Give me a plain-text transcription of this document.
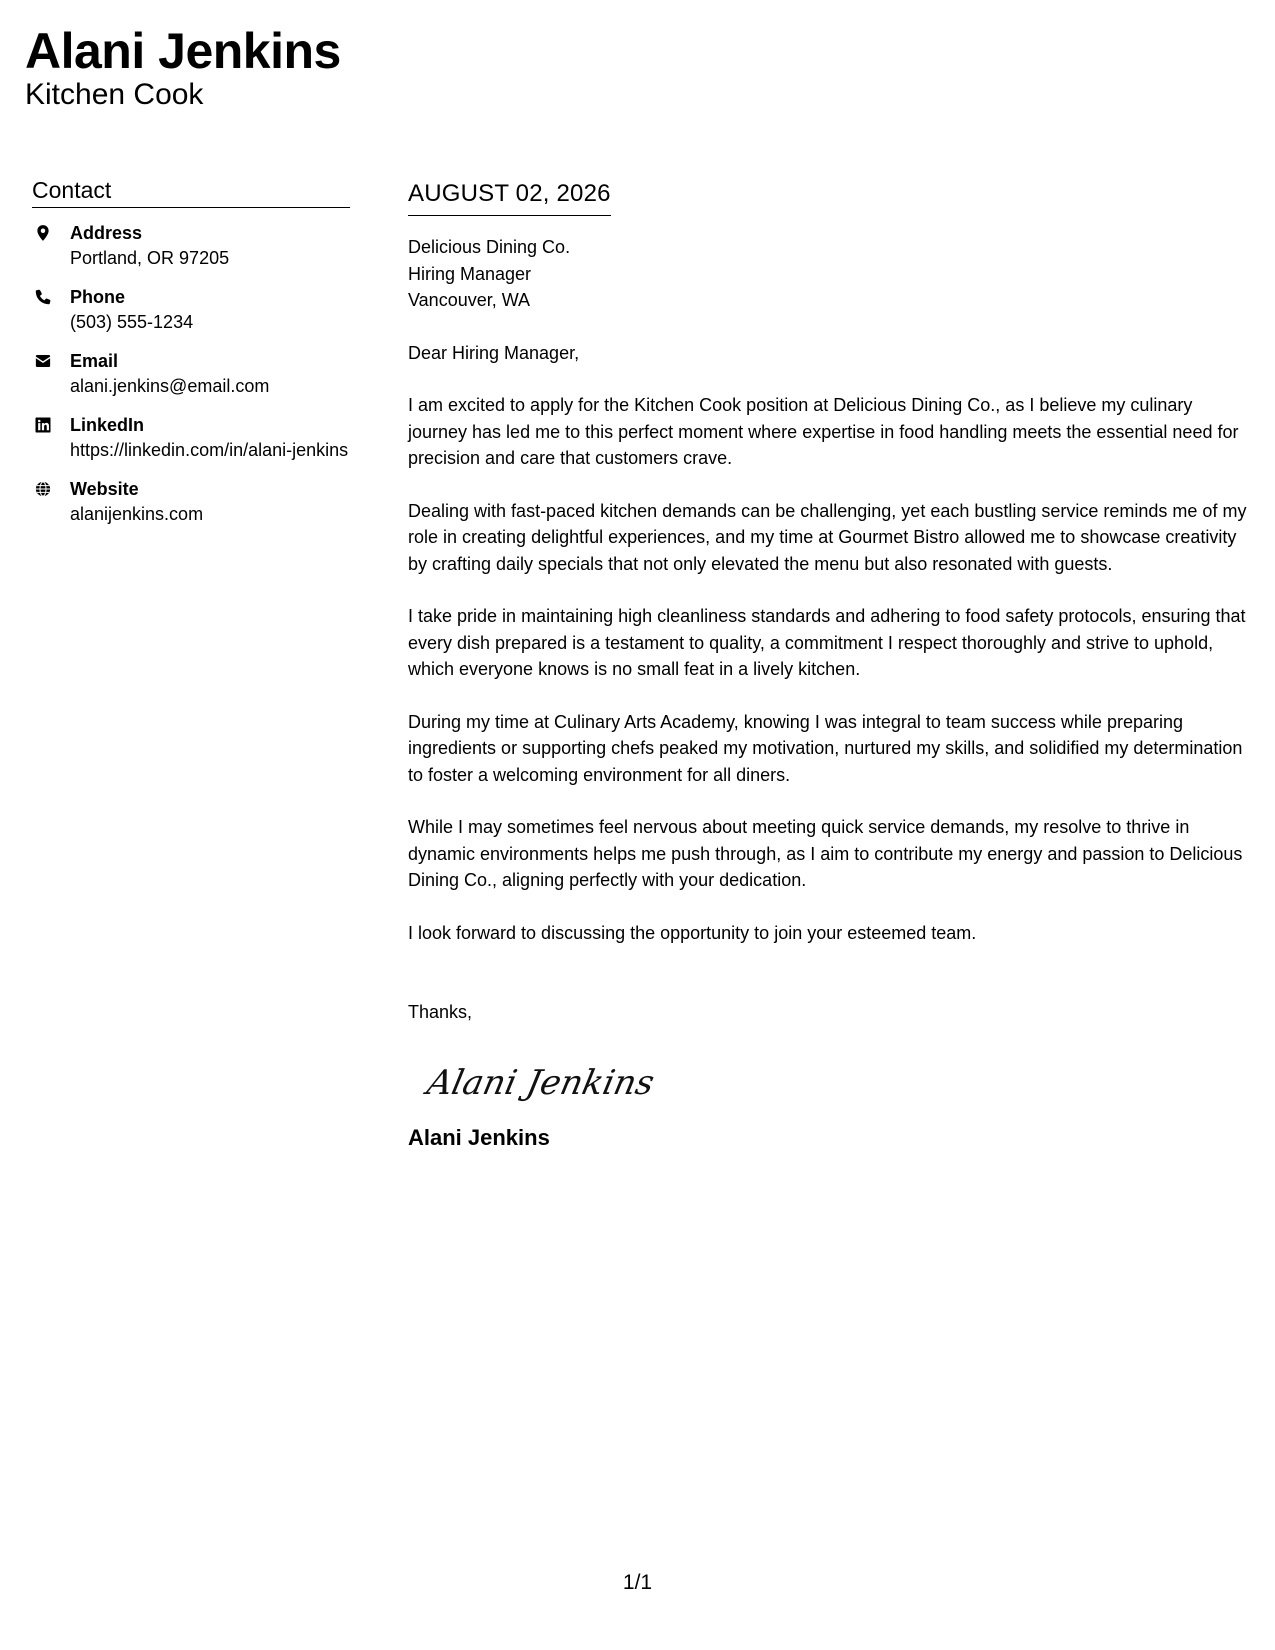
Alani Jenkins
Kitchen Cook
Contact
Address
Portland, OR 97205
Phone
(503) 555-1234
Email
alani.jenkins@email.com
LinkedIn
https://linkedin.com/in/alani-jenkins
Website
alanijenkins.com
AUGUST 02, 2026
Delicious Dining Co.
Hiring Manager
Vancouver, WA
Dear Hiring Manager,
I am excited to apply for the Kitchen Cook position at Delicious Dining Co., as I believe my culinary journey has led me to this perfect moment where expertise in food handling meets the essential need for precision and care that customers crave.
Dealing with fast-paced kitchen demands can be challenging, yet each bustling service reminds me of my role in creating delightful experiences, and my time at Gourmet Bistro allowed me to showcase creativity by crafting daily specials that not only elevated the menu but also resonated with guests.
I take pride in maintaining high cleanliness standards and adhering to food safety protocols, ensuring that every dish prepared is a testament to quality, a commitment I respect thoroughly and strive to uphold, which everyone knows is no small feat in a lively kitchen.
During my time at Culinary Arts Academy, knowing I was integral to team success while preparing ingredients or supporting chefs peaked my motivation, nurtured my skills, and solidified my determination to foster a welcoming environment for all diners.
While I may sometimes feel nervous about meeting quick service demands, my resolve to thrive in dynamic environments helps me push through, as I aim to contribute my energy and passion to Delicious Dining Co., aligning perfectly with your dedication.
I look forward to discussing the opportunity to join your esteemed team.
Thanks,
Alani Jenkins
Alani Jenkins
1/1
